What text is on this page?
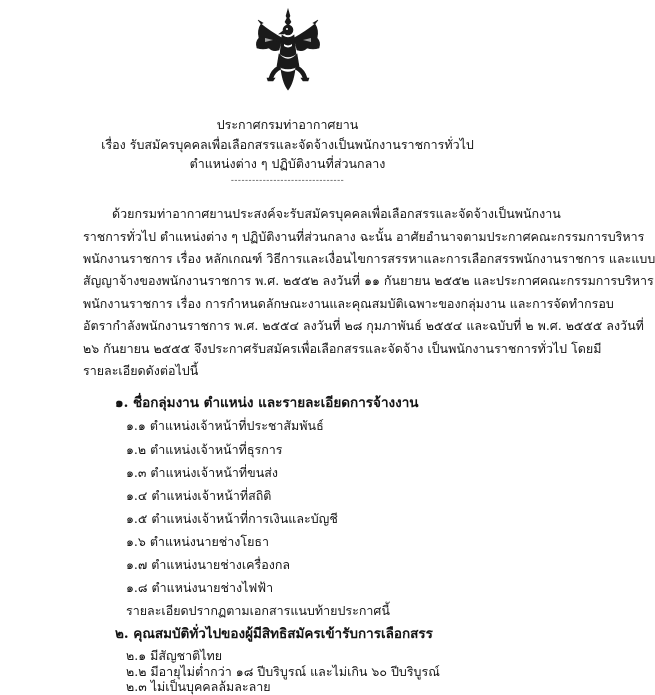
ประกาศกรมท่าอากาศยาน
เรื่อง รับสมัครบุคคลเพื่อเลือกสรรและจัดจ้างเป็นพนักงานราชการทั่วไป
ตำแหน่งต่าง ๆ ปฏิบัติงานที่ส่วนกลาง
--------------------------------
ด้วยกรมท่าอากาศยานประสงค์จะรับสมัครบุคคลเพื่อเลือกสรรและจัดจ้างเป็นพนักงาน
ราชการทั่วไป ตำแหน่งต่าง ๆ ปฏิบัติงานที่ส่วนกลาง ฉะนั้น อาศัยอำนาจตามประกาศคณะกรรมการบริหาร
พนักงานราชการ เรื่อง หลักเกณฑ์ วิธีการและเงื่อนไขการสรรหาและการเลือกสรรพนักงานราชการ และแบบ
สัญญาจ้างของพนักงานราชการ พ.ศ. ๒๕๕๒ ลงวันที่ ๑๑ กันยายน ๒๕๕๒ และประกาศคณะกรรมการบริหาร
พนักงานราชการ เรื่อง การกำหนดลักษณะงานและคุณสมบัติเฉพาะของกลุ่มงาน และการจัดทำกรอบ
อัตรากำลังพนักงานราชการ พ.ศ. ๒๕๕๔ ลงวันที่ ๒๘ กุมภาพันธ์ ๒๕๕๔ และฉบับที่ ๒ พ.ศ. ๒๕๕๕ ลงวันที่
๒๖ กันยายน ๒๕๕๕ จึงประกาศรับสมัครเพื่อเลือกสรรและจัดจ้าง เป็นพนักงานราชการทั่วไป โดยมี
รายละเอียดดังต่อไปนี้
๑. ชื่อกลุ่มงาน ตำแหน่ง และรายละเอียดการจ้างงาน
๑.๑ ตำแหน่งเจ้าหน้าที่ประชาสัมพันธ์
๑.๒ ตำแหน่งเจ้าหน้าที่ธุรการ
๑.๓ ตำแหน่งเจ้าหน้าที่ขนส่ง
๑.๔ ตำแหน่งเจ้าหน้าที่สถิติ
๑.๕ ตำแหน่งเจ้าหน้าที่การเงินและบัญชี
๑.๖ ตำแหน่งนายช่างโยธา
๑.๗ ตำแหน่งนายช่างเครื่องกล
๑.๘ ตำแหน่งนายช่างไฟฟ้า
รายละเอียดปรากฏตามเอกสารแนบท้ายประกาศนี้
๒. คุณสมบัติทั่วไปของผู้มีสิทธิสมัครเข้ารับการเลือกสรร
๒.๑ มีสัญชาติไทย
๒.๒ มีอายุไม่ต่ำกว่า ๑๘ ปีบริบูรณ์ และไม่เกิน ๖๐ ปีบริบูรณ์
๒.๓ ไม่เป็นบุคคลล้มละลาย
